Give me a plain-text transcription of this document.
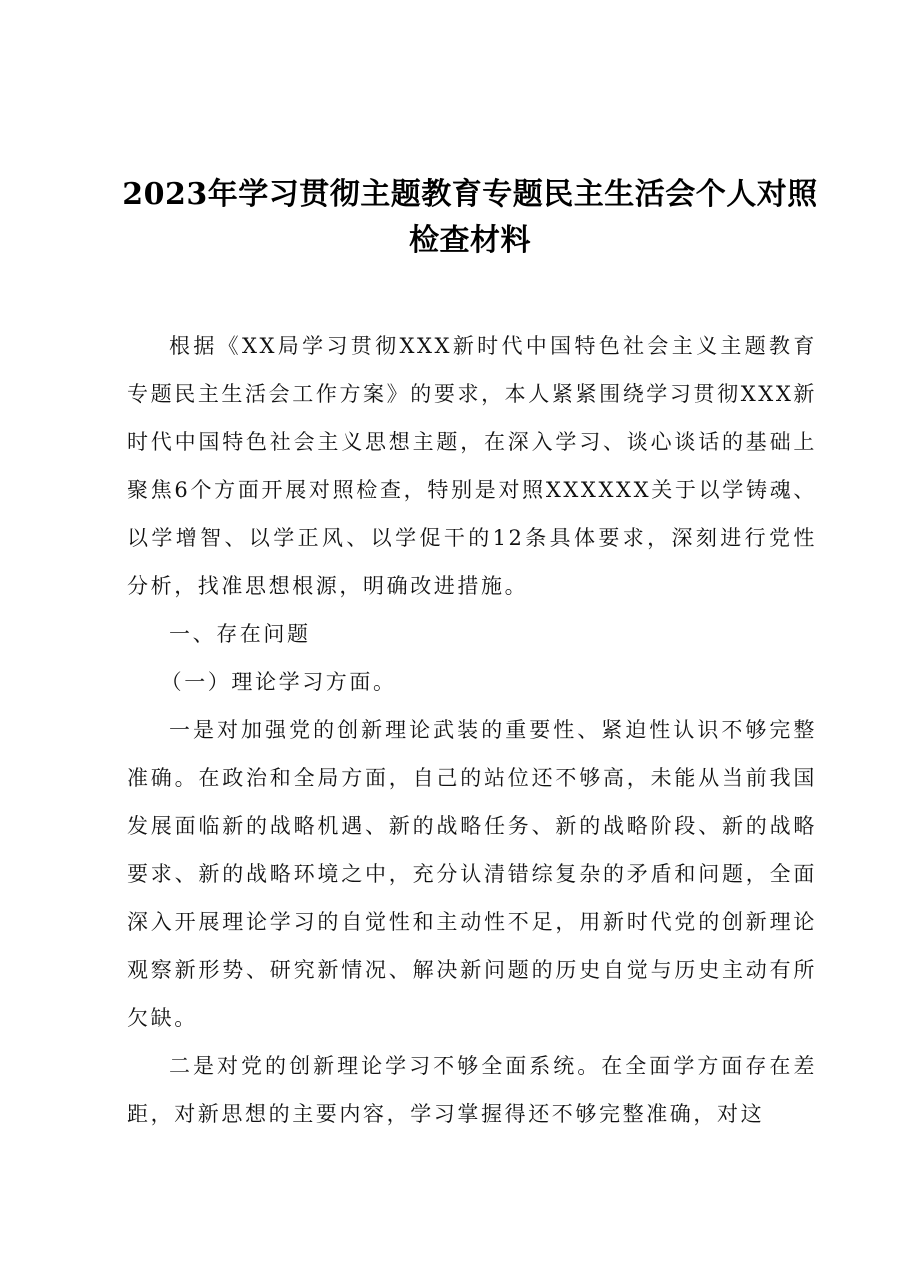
2023年学习贯彻主题教育专题民主生活会个人对照检查材料

根据《XX局学习贯彻XXX新时代中国特色社会主义主题教育专题民主生活会工作方案》的要求，本人紧紧围绕学习贯彻XXX新时代中国特色社会主义思想主题，在深入学习、谈心谈话的基础上聚焦6个方面开展对照检查，特别是对照XXXXXX关于以学铸魂、以学增智、以学正风、以学促干的12条具体要求，深刻进行党性分析，找准思想根源，明确改进措施。

一、存在问题

（一）理论学习方面。

一是对加强党的创新理论武装的重要性、紧迫性认识不够完整准确。在政治和全局方面，自己的站位还不够高，未能从当前我国发展面临新的战略机遇、新的战略任务、新的战略阶段、新的战略要求、新的战略环境之中，充分认清错综复杂的矛盾和问题，全面深入开展理论学习的自觉性和主动性不足，用新时代党的创新理论观察新形势、研究新情况、解决新问题的历史自觉与历史主动有所欠缺。

二是对党的创新理论学习不够全面系统。在全面学方面存在差距，对新思想的主要内容，学习掌握得还不够完整准确，对这
